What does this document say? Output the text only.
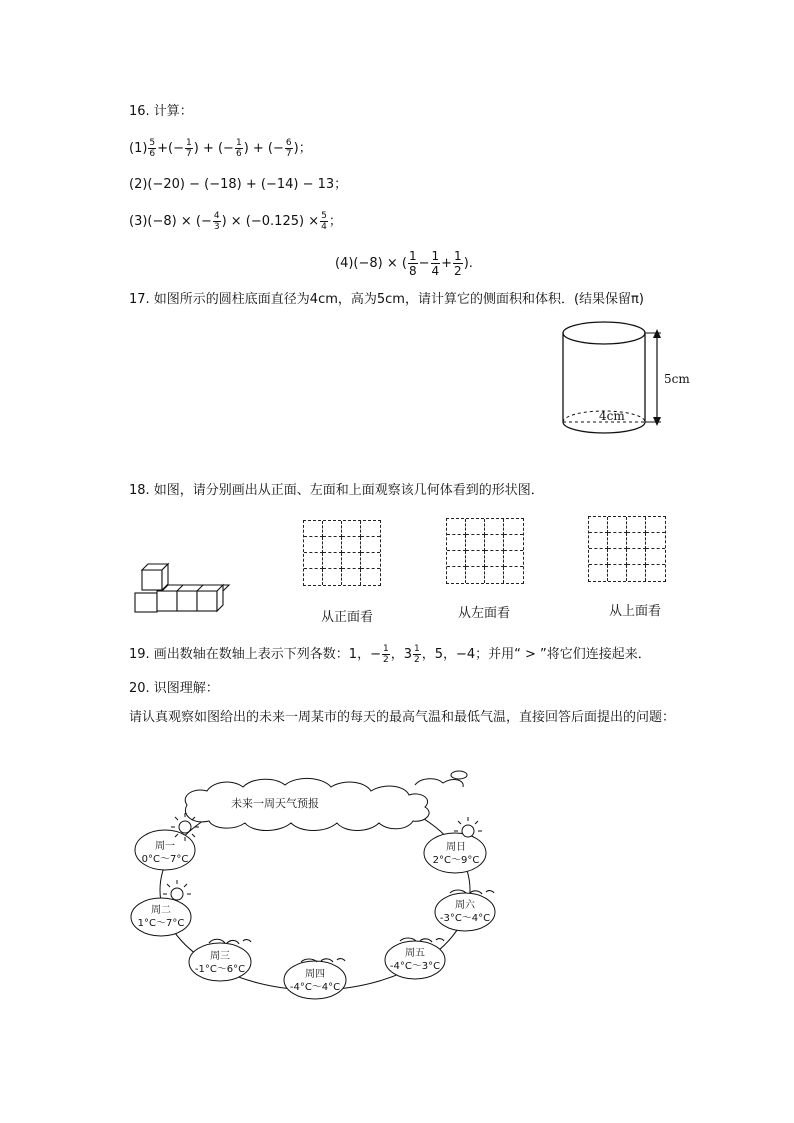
16. 计算：
$(1) \frac{5}{6}$ +(− $\frac{1}{7}$ ) + (− $\frac{1}{6}$ ) + (− $\frac{6}{7}$ )；
(2)(−20) − (−18) + (−14) − 13；
(3)(−8) × (− $\frac{4}{3}$ ) × $(-0.125) \times \frac{5}{4}$ ；
(4)(−8) × ( $\frac{1}{8} - \frac{1}{4} + \frac{1}{2}$ ).
17. 如图所示的圆柱底面直径为4cm，高为5cm，请计算它的侧面积和体积．(结果保留π)
5cm
4cm
18. 如图，请分别画出从正面、左面和上面观察该几何体看到的形状图．
从正面看	从左面看	从上面看
19. 画出数轴在数轴上表示下列各数：1，− $\frac{1}{2}$ ，$3 \frac{1}{2}$ ，5，−4；并用“ > ”将它们连接起来．
20. 识图理解：
请认真观察如图给出的未来一周某市的每天的最高气温和最低气温，直接回答后面提出的问题：
未来一周天气预报
周一
0°C～7°C
周二
1°C～7°C
周三
-1°C～6°C	周四
-4°C～4°C
周五
-4°C～3°C
周六
-3°C～4°C
周日
2°C～9°C
